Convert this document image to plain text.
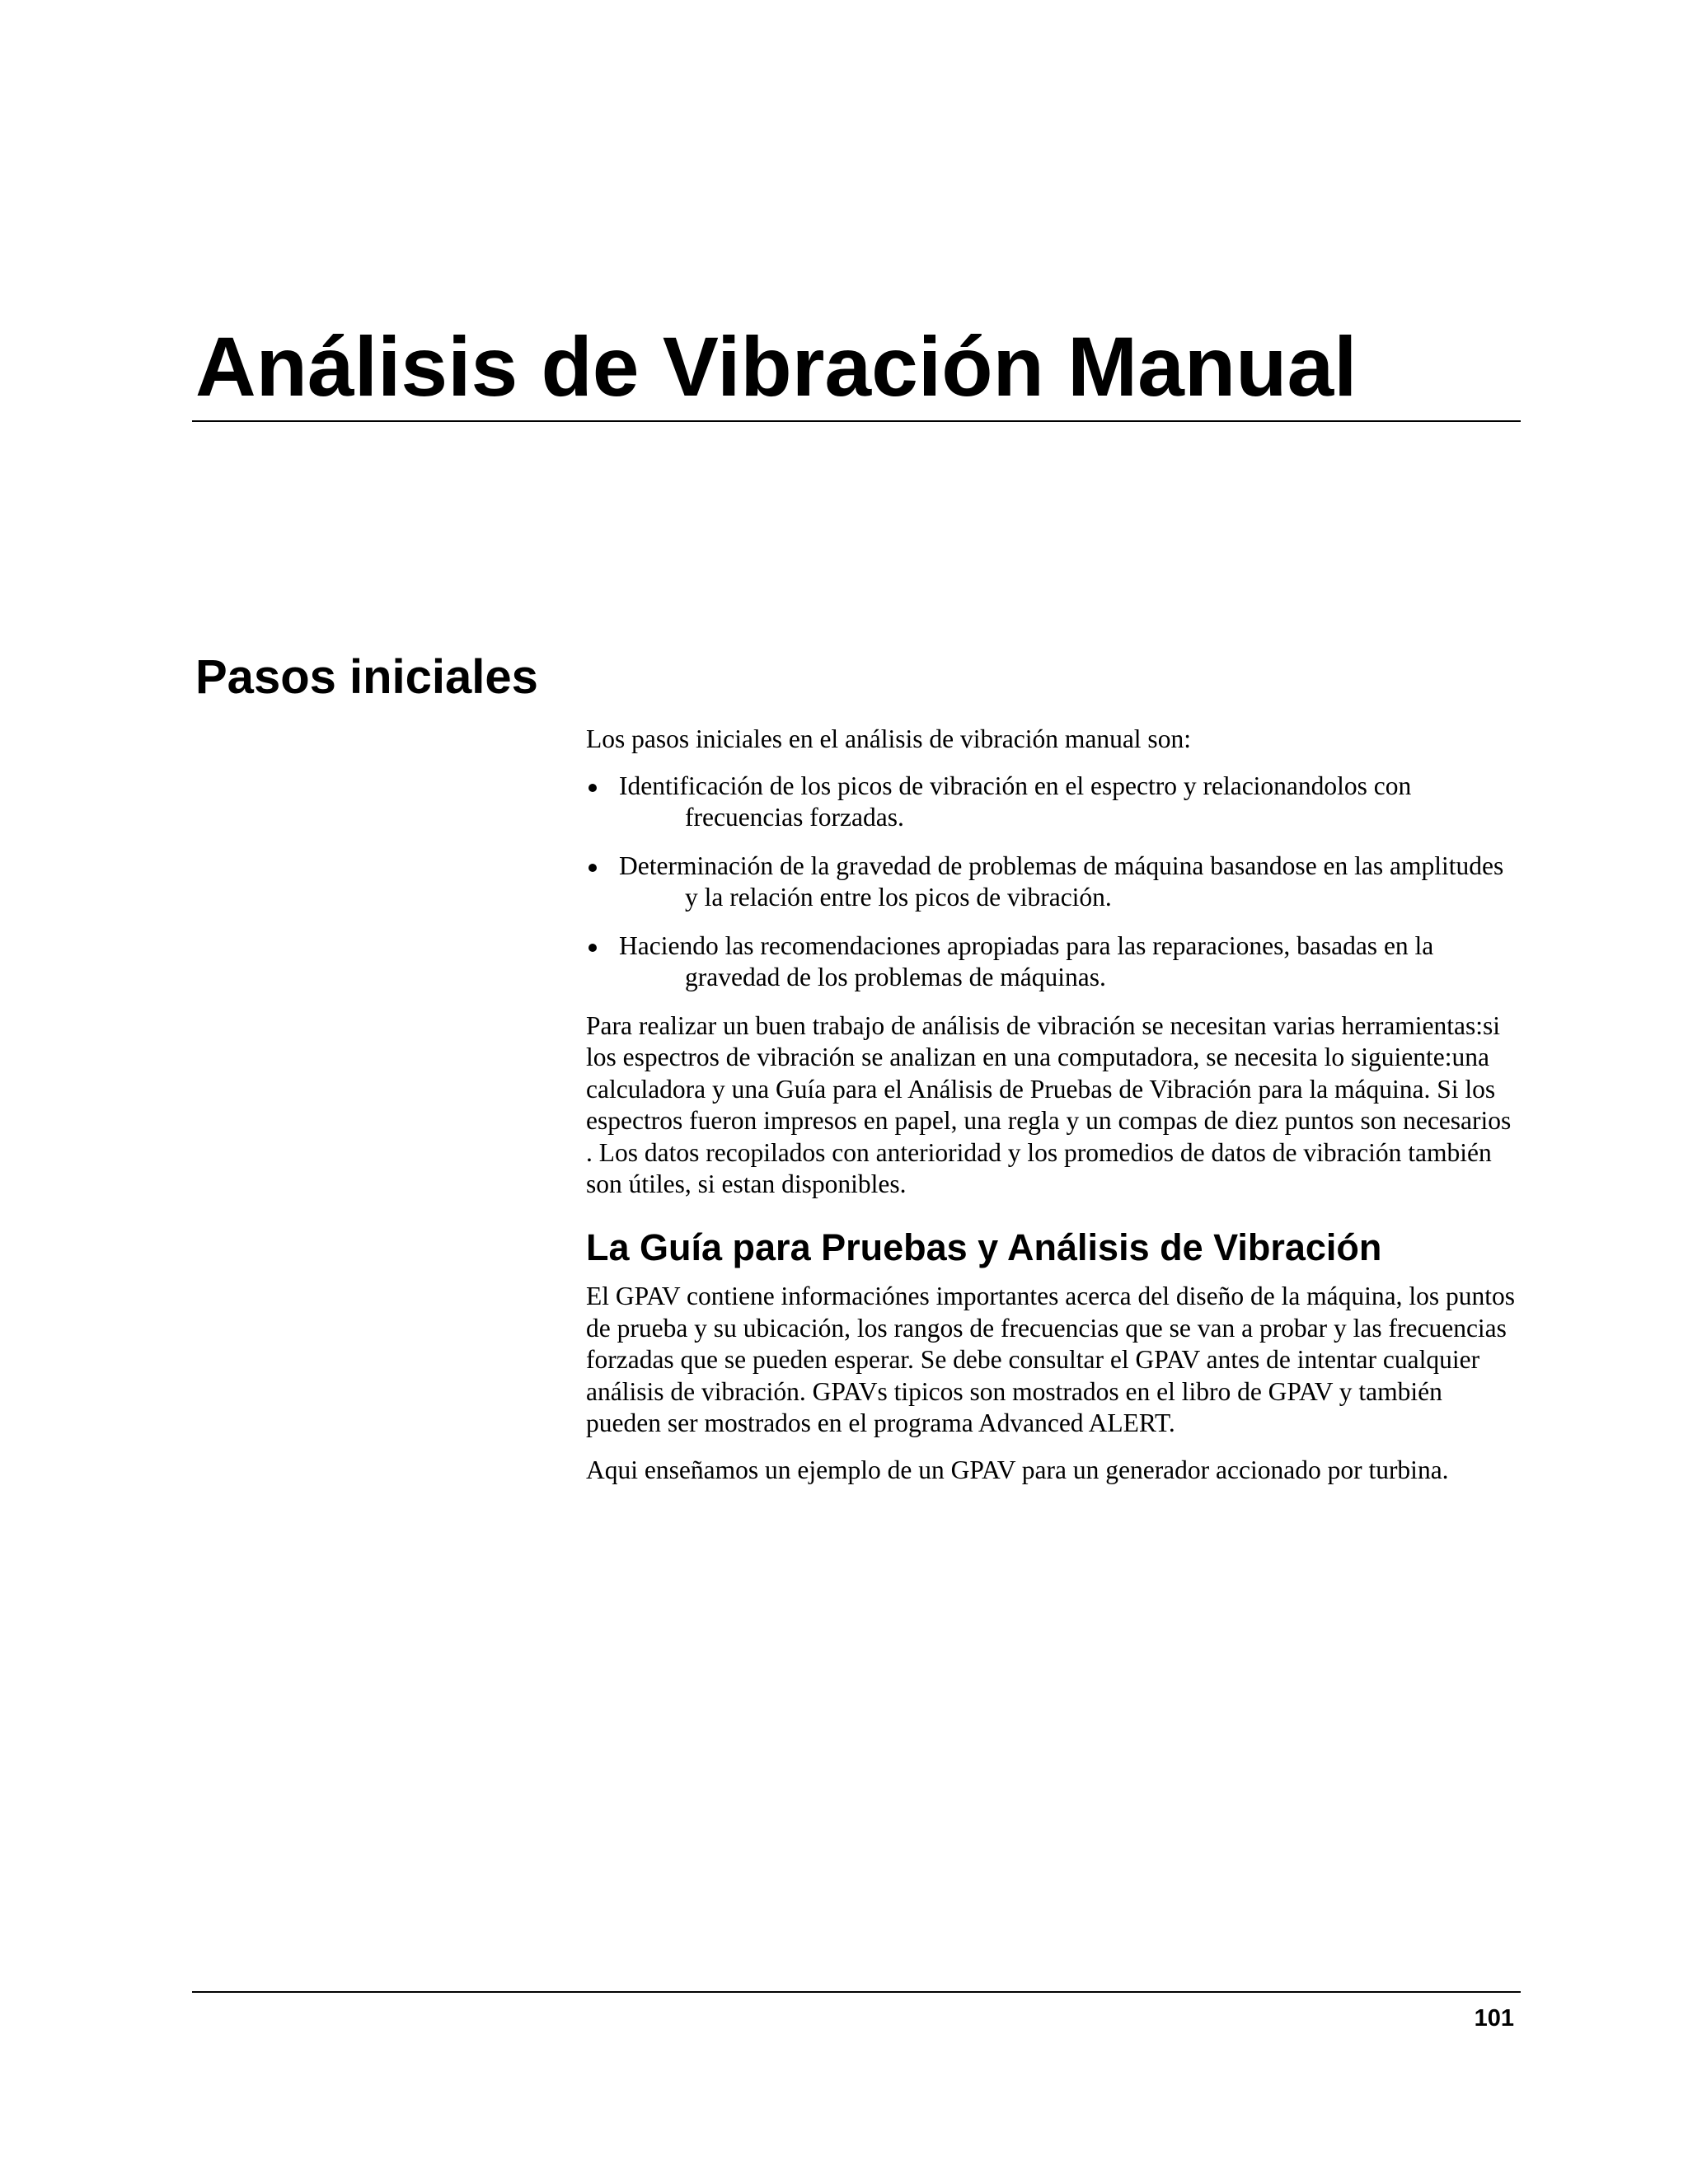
Análisis de Vibración Manual
Pasos iniciales

Los pasos iniciales en el análisis de vibración manual son:

Identificación de los picos de vibración en el espectro y relacionandolos con frecuencias forzadas.
Determinación de la gravedad de problemas de máquina basandose en las amplitudes y la relación entre los picos de vibración.
Haciendo las recomendaciones apropiadas para las reparaciones, basadas en la gravedad de los problemas de máquinas.

Para realizar un buen trabajo de análisis de vibración se necesitan varias herramientas:si los espectros de vibración se analizan en una computadora, se necesita lo siguiente:una calculadora y una Guía para el Análisis de Pruebas de Vibración para la máquina. Si los espectros fueron impresos en papel, una regla y un compas de diez puntos son necesarios . Los datos recopilados con anterioridad y los promedios de datos de vibración también son útiles, si estan disponibles.

La Guía para Pruebas y Análisis de Vibración

El GPAV contiene informaciónes importantes acerca del diseño de la máquina, los puntos de prueba y su ubicación, los rangos de frecuencias que se van a probar y las frecuencias forzadas que se pueden esperar. Se debe consultar el GPAV antes de intentar cualquier análisis de vibración. GPAVs tipicos son mostrados en el libro de GPAV y también pueden ser mostrados en el programa Advanced ALERT.

Aqui enseñamos un ejemplo de un GPAV para un generador accionado por turbina.

101
